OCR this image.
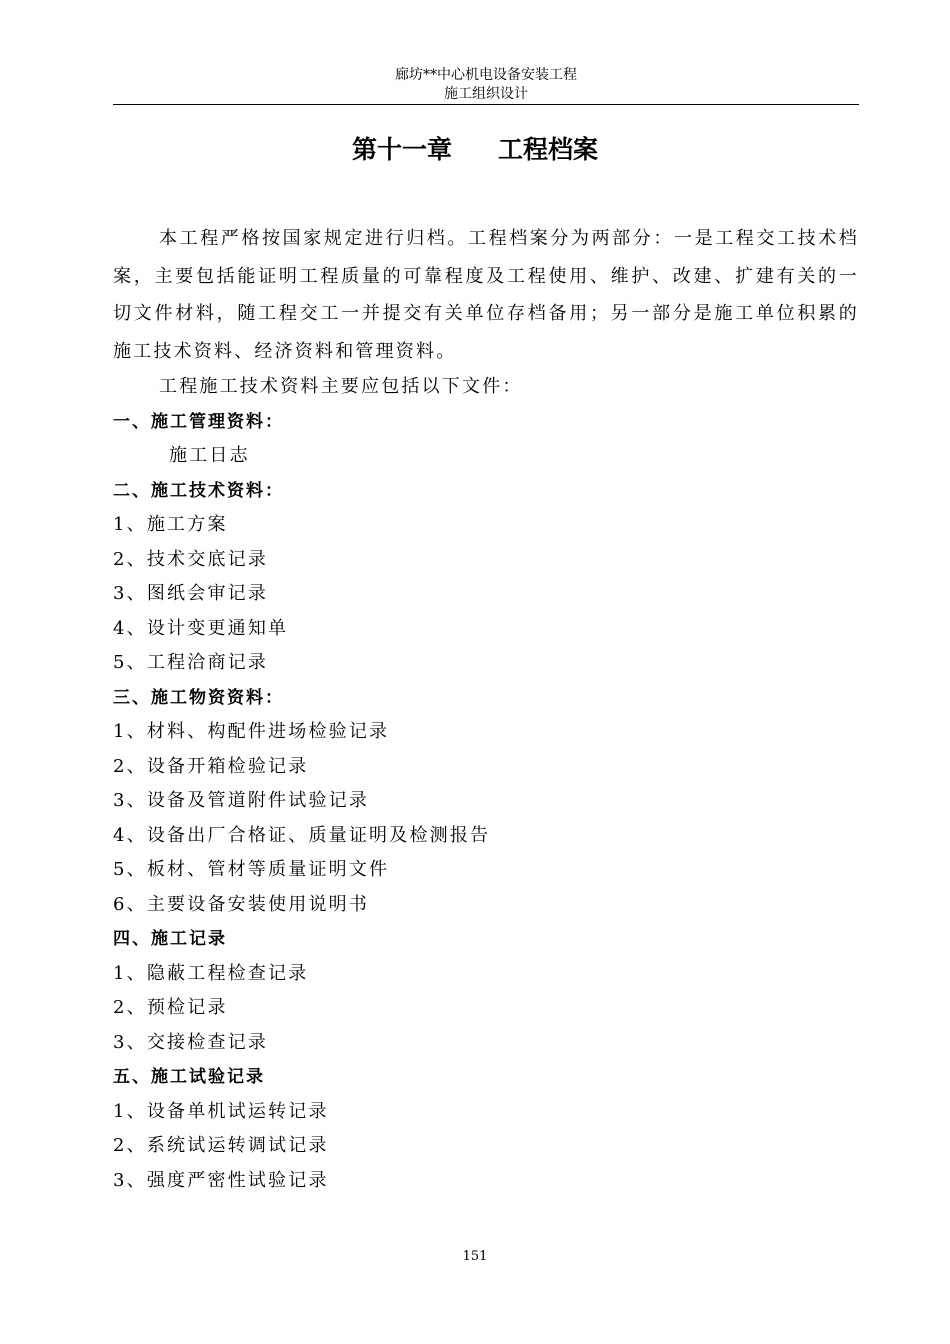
廊坊**中心机电设备安装工程
施工组织设计
第十一章 工程档案

本工程严格按国家规定进行归档。工程档案分为两部分：一是工程交工技术档案，主要包括能证明工程质量的可靠程度及工程使用、维护、改建、扩建有关的一切文件材料，随工程交工一并提交有关单位存档备用；另一部分是施工单位积累的施工技术资料、经济资料和管理资料。

工程施工技术资料主要应包括以下文件：

一、施工管理资料：

施工日志

二、施工技术资料：

1、施工方案

2、技术交底记录

3、图纸会审记录

4、设计变更通知单

5、工程洽商记录

三、施工物资资料：

1、材料、构配件进场检验记录

2、设备开箱检验记录

3、设备及管道附件试验记录

4、设备出厂合格证、质量证明及检测报告

5、板材、管材等质量证明文件

6、主要设备安装使用说明书

四、施工记录

1、隐蔽工程检查记录

2、预检记录

3、交接检查记录

五、施工试验记录

1、设备单机试运转记录

2、系统试运转调试记录

3、强度严密性试验记录

151
